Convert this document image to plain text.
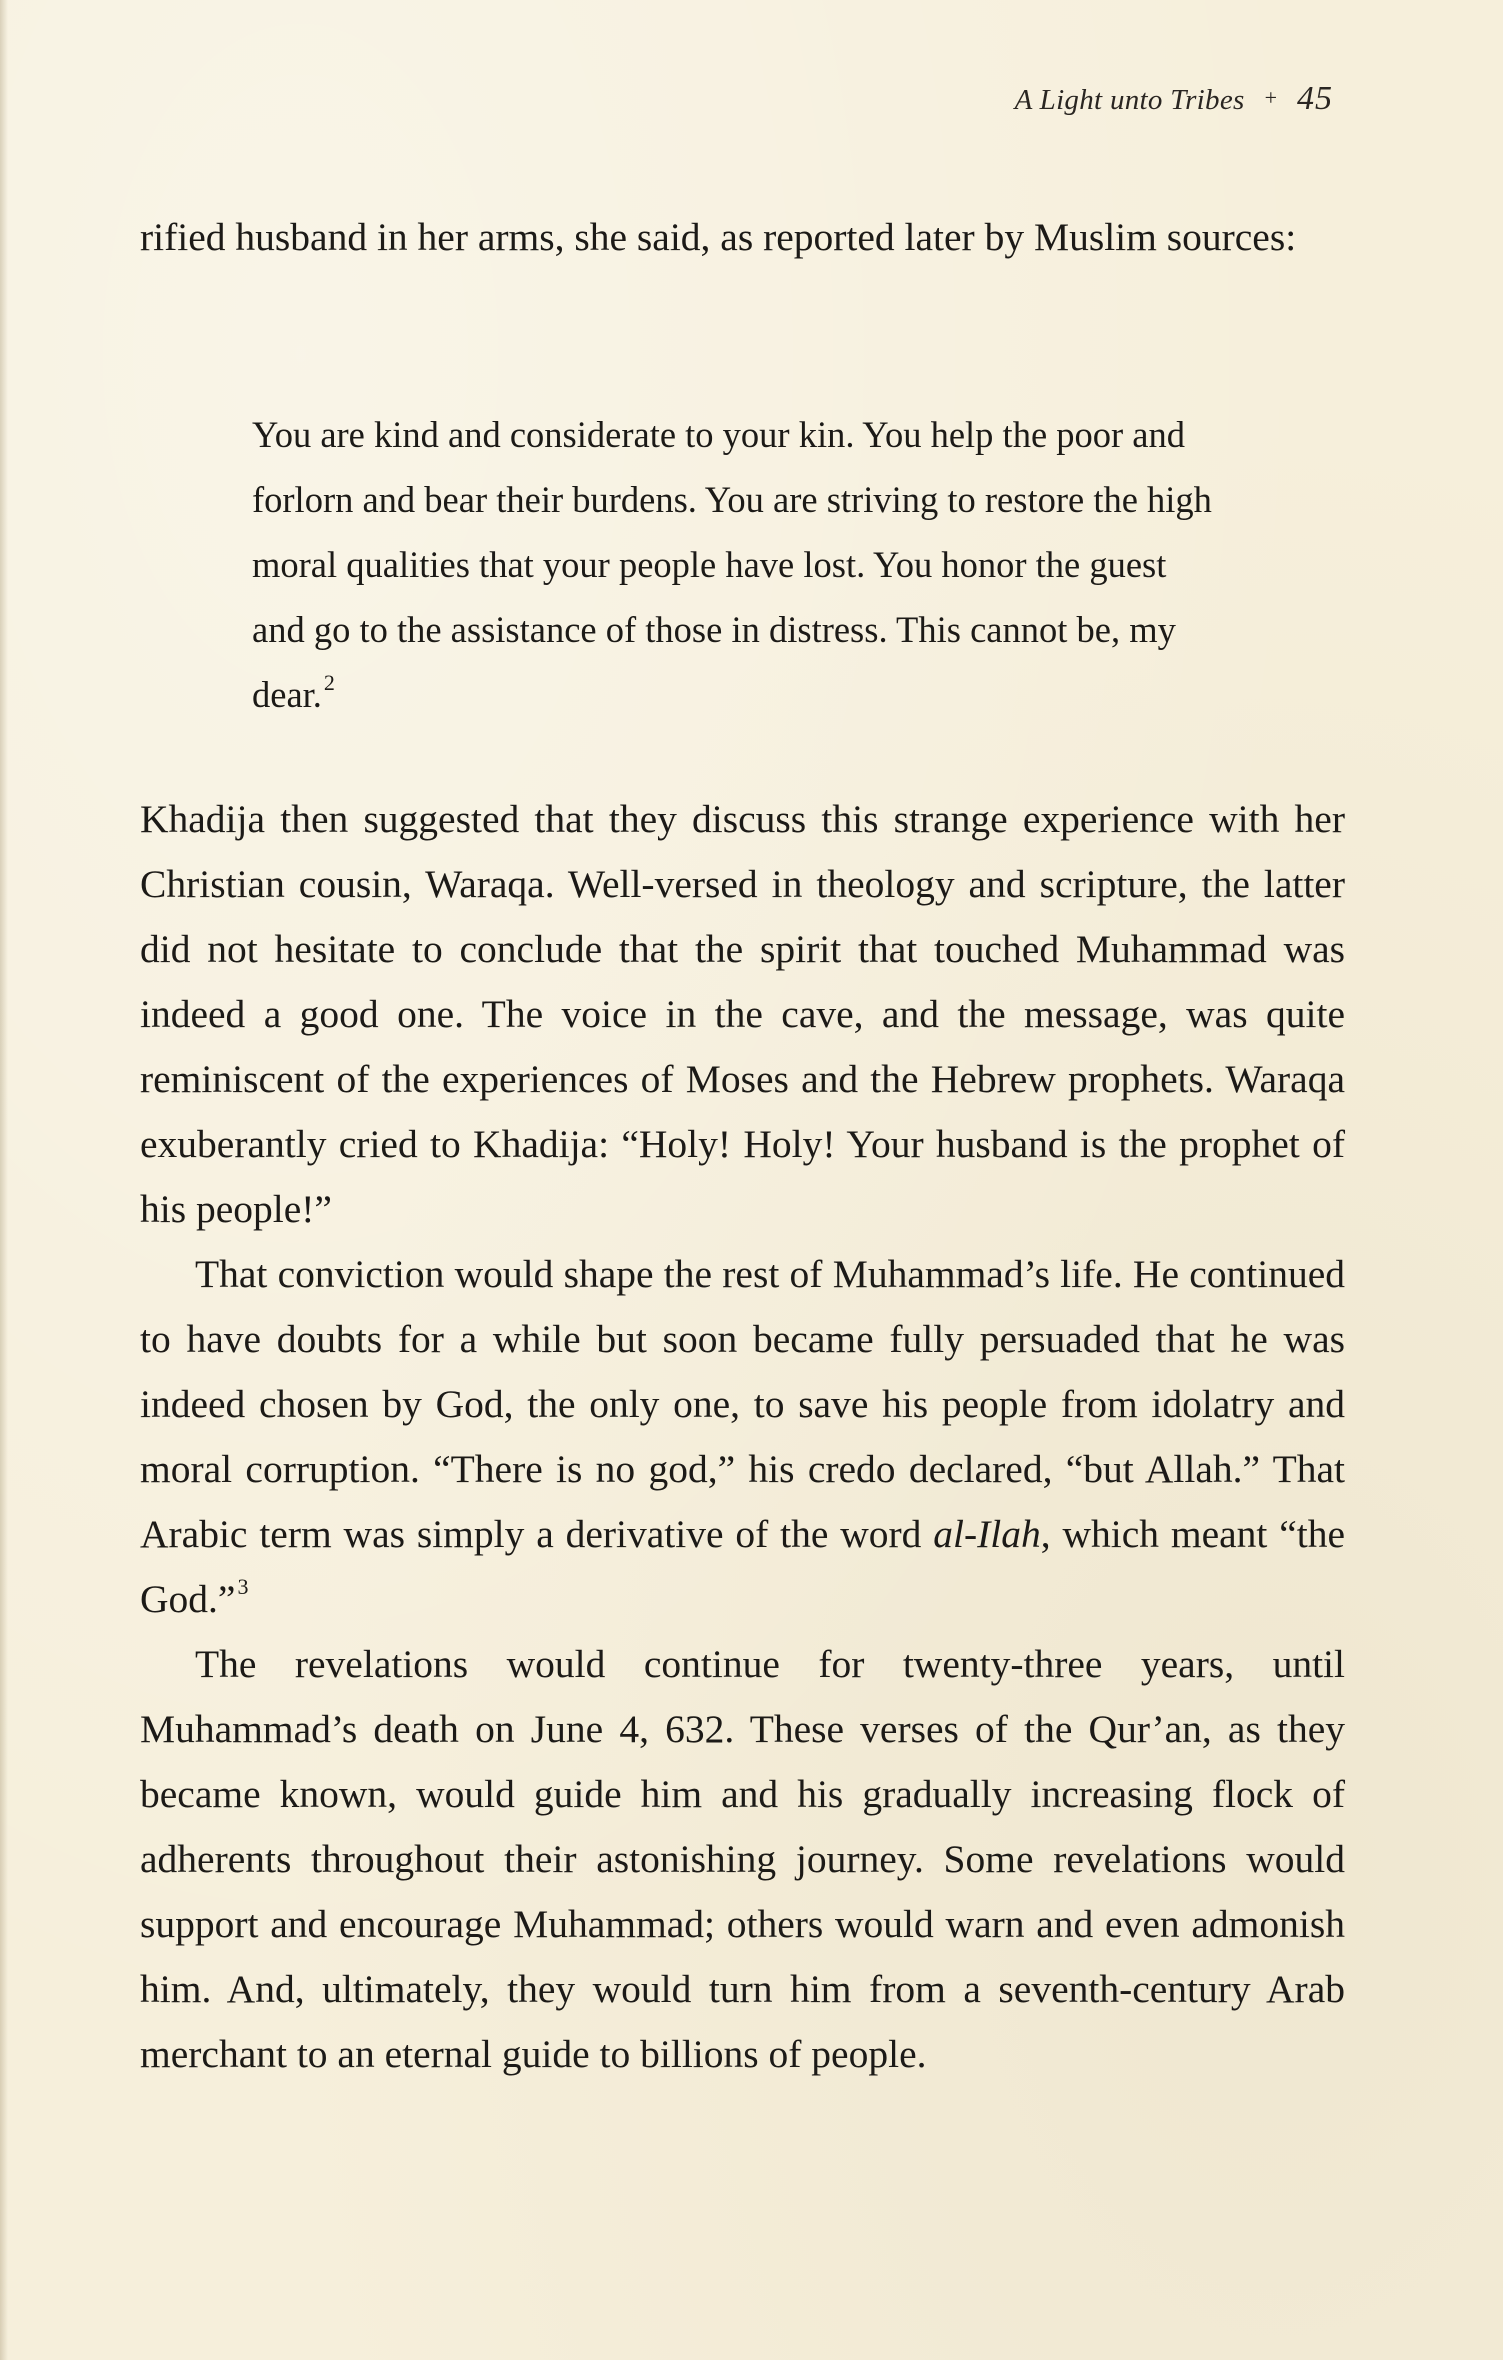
A Light unto Tribes + 45

rified husband in her arms, she said, as reported later by Muslim sources:

You are kind and considerate to your kin. You help the poor and forlorn and bear their burdens. You are striving to restore the high moral qualities that your people have lost. You honor the guest and go to the assistance of those in distress. This cannot be, my dear.$^2$

Khadija then suggested that they discuss this strange experience with her Christian cousin, Waraqa. Well-versed in theology and scripture, the latter did not hesitate to conclude that the spirit that touched Muhammad was indeed a good one. The voice in the cave, and the message, was quite reminiscent of the experiences of Moses and the Hebrew prophets. Waraqa exuberantly cried to Khadija: “Holy! Holy! Your husband is the prophet of his people!”

That conviction would shape the rest of Muhammad’s life. He continued to have doubts for a while but soon became fully persuaded that he was indeed chosen by God, the only one, to save his people from idolatry and moral corruption. “There is no god,” his credo declared, “but Allah.” That Arabic term was simply a derivative of the word al-Ilah, which meant “the God.”$^3$

The revelations would continue for twenty-three years, until Muhammad’s death on June 4, 632. These verses of the Qur’an, as they became known, would guide him and his gradually increasing flock of adherents throughout their astonishing journey. Some revelations would support and encourage Muhammad; others would warn and even admonish him. And, ultimately, they would turn him from a seventh-century Arab merchant to an eternal guide to billions of people.
